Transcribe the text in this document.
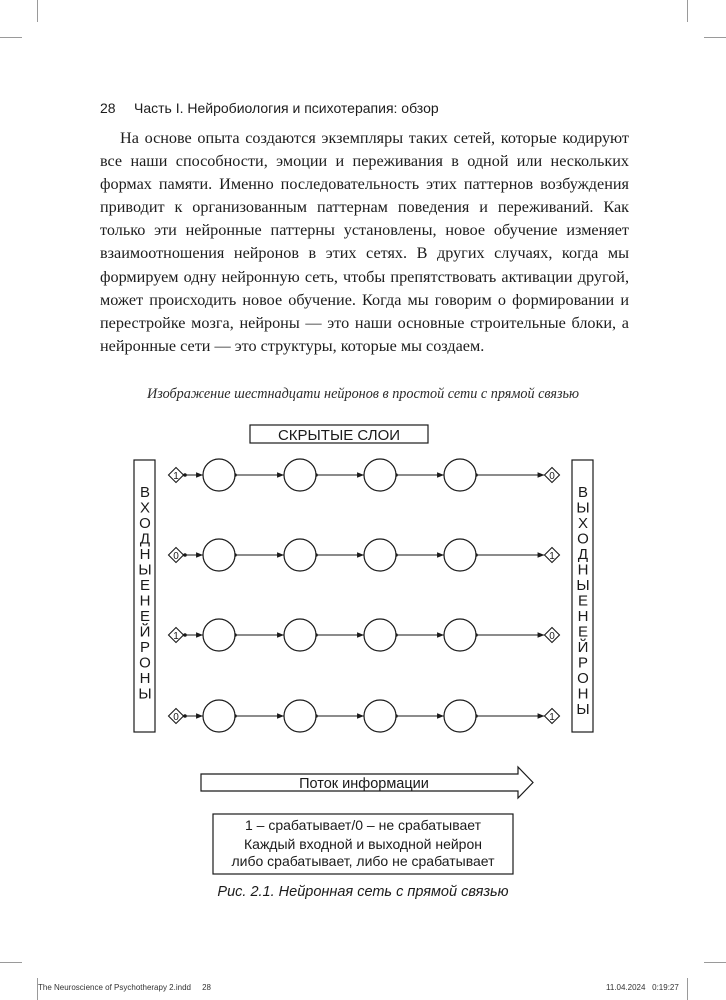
28 Часть I. Нейробиология и психотерапия: обзор

На основе опыта создаются экземпляры таких сетей, которые кодируют все наши способности, эмоции и переживания в одной или нескольких формах памяти. Именно последовательность этих паттернов возбуждения приводит к организованным паттернам поведения и переживаний. Как только эти нейронные паттерны установлены, новое обучение изменяет взаимоотношения нейронов в этих сетях. В других случаях, когда мы формируем одну нейронную сеть, чтобы препятствовать активации другой, может происходить новое обучение. Когда мы говорим о формировании и перестройке мозга, нейроны — это наши основные строительные блоки, а нейронные сети — это структуры, которые мы создаем.

Изображение шестнадцати нейронов в простой сети с прямой связью
СКРЫТЫЕ СЛОИ
В Х О Д Н Ы Е Н Е Й Р О Н Ы
В Ы Х О Д Н Ы Е Н Е Й Р О Н Ы
1	0
0	1
1	0
0	1
Поток информации
1 – срабатывает/0 – не срабатывает
Каждый входной и выходной нейрон
либо срабатывает, либо не срабатывает
Рис. 2.1. Нейронная сеть с прямой связью
The Neuroscience of Psychotherapy 2.indd 28	11.04.2024 0:19:27
